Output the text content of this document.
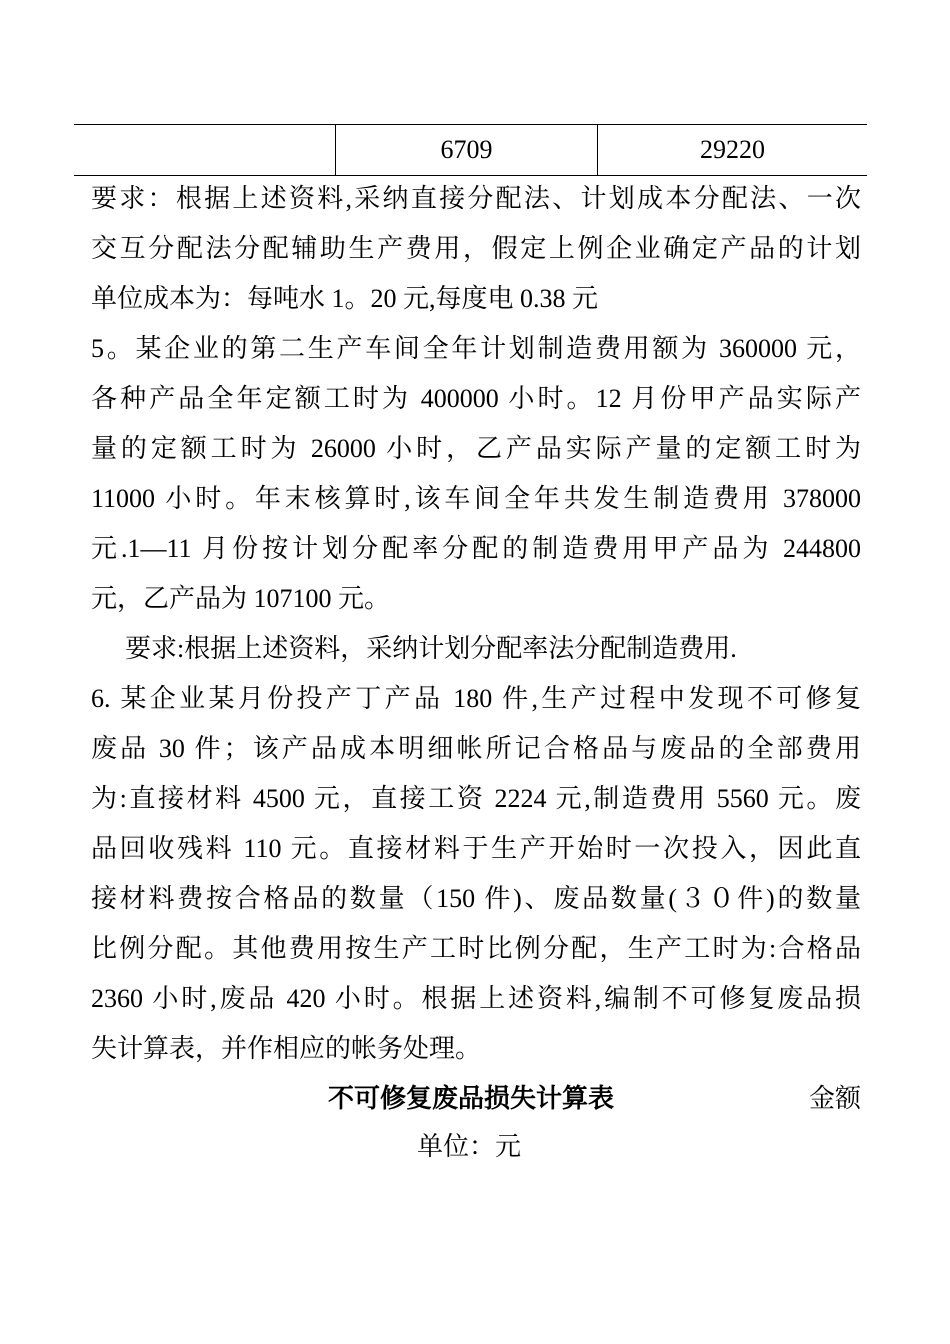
6709	29220
要求：根据上述资料,采纳直接分配法、计划成本分配法、一次
交互分配法分配辅助生产费用，假定上例企业确定产品的计划
单位成本为：每吨水 1。20 元,每度电 0.38 元
5。某企业的第二生产车间全年计划制造费用额为 360000 元，
各种产品全年定额工时为 400000 小时。12 月份甲产品实际产
量的定额工时为 26000 小时，乙产品实际产量的定额工时为
11000 小时。年末核算时,该车间全年共发生制造费用 378000
元.1—11 月份按计划分配率分配的制造费用甲产品为 244800
元，乙产品为 107100 元。
要求:根据上述资料，采纳计划分配率法分配制造费用.
6. 某企业某月份投产丁产品 180 件,生产过程中发现不可修复
废品 30 件；该产品成本明细帐所记合格品与废品的全部费用
为:直接材料 4500 元，直接工资 2224 元,制造费用 5560 元。废
品回收残料 110 元。直接材料于生产开始时一次投入，因此直
接材料费按合格品的数量（150 件)、废品数量(３０件)的数量
比例分配。其他费用按生产工时比例分配，生产工时为:合格品
2360 小时,废品 420 小时。根据上述资料,编制不可修复废品损
失计算表，并作相应的帐务处理。
不可修复废品损失计算表	金额
单位：元
